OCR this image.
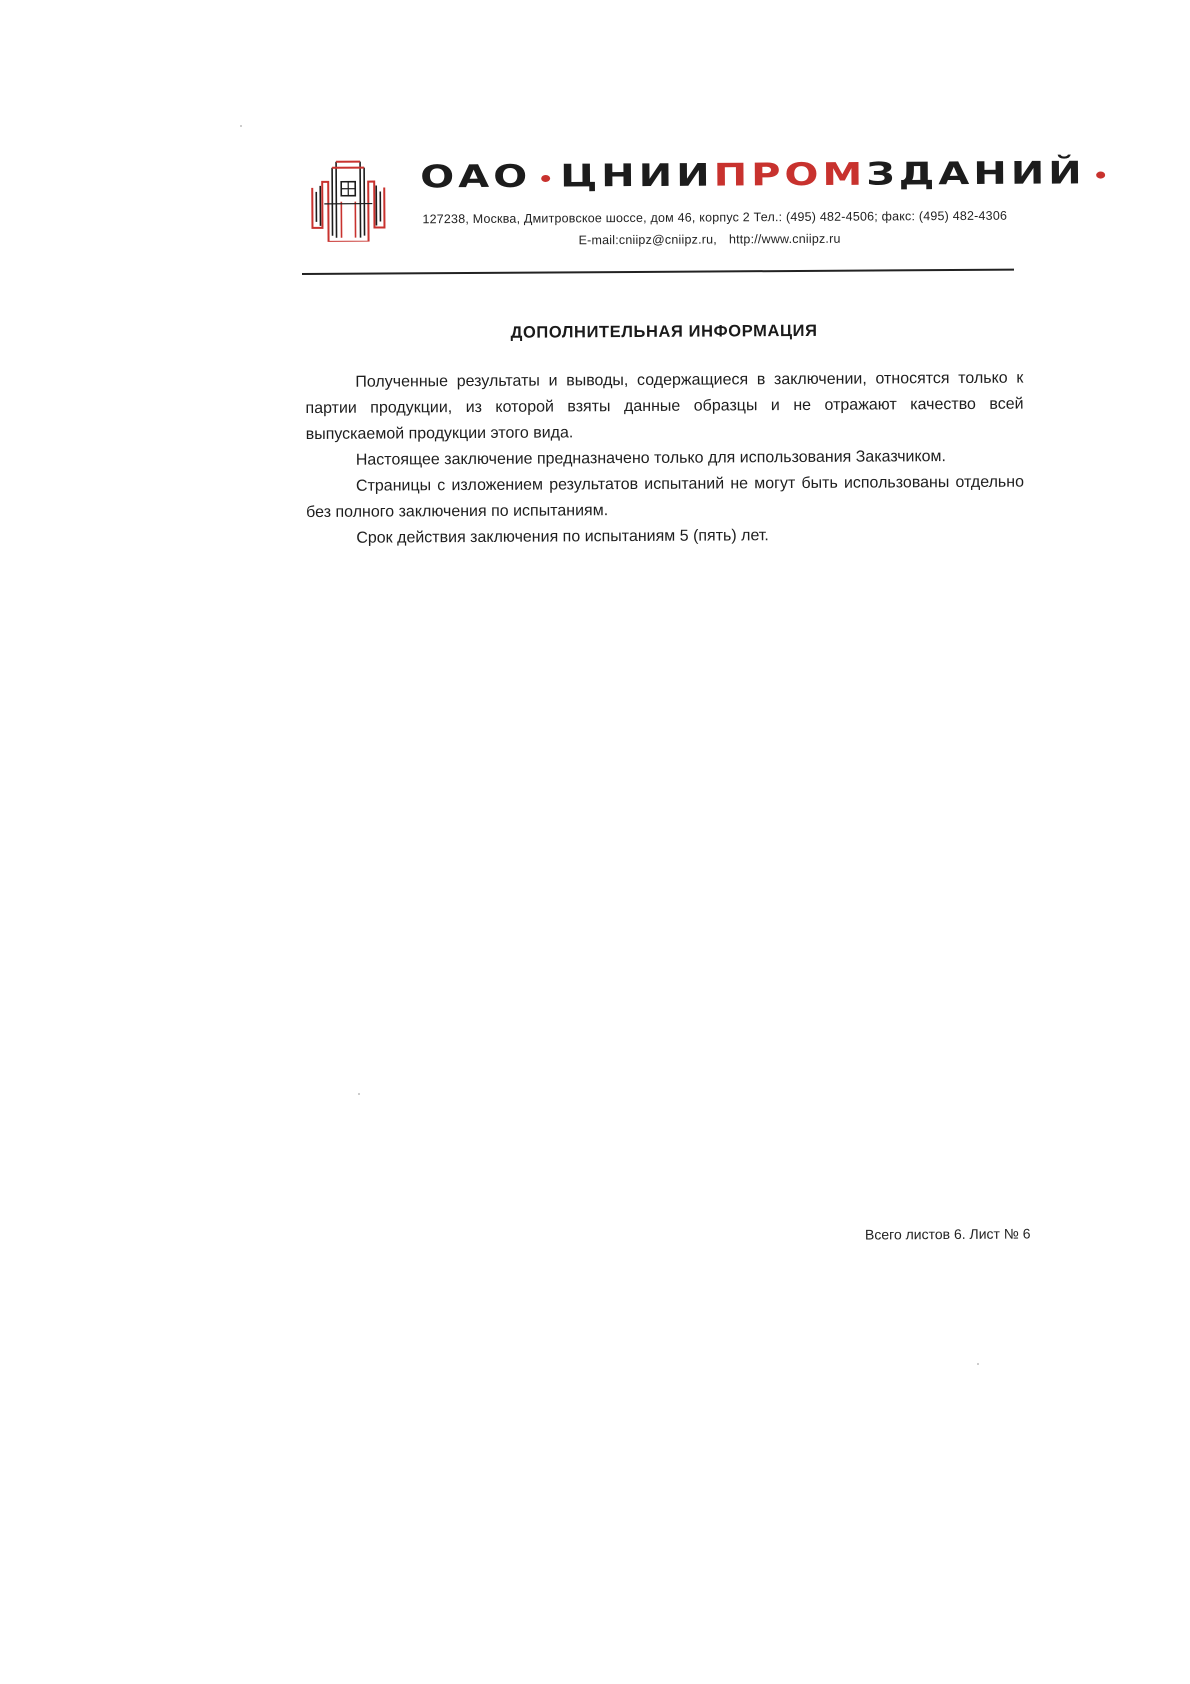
ОАО ЦНИИ ПРОМ ЗДАНИЙ
127238, Москва, Дмитровское шоссе, дом 46, корпус 2 Тел.: (495) 482-4506; факс: (495) 482-4306
E-mail:cniipz@cniipz.ru, http://www.cniipz.ru
ДОПОЛНИТЕЛЬНАЯ ИНФОРМАЦИЯ

Полученные результаты и выводы, содержащиеся в заключении, относятся только к партии продукции, из которой взяты данные образцы и не отражают качество всей выпускаемой продукции этого вида.

Настоящее заключение предназначено только для использования Заказчиком.

Страницы с изложением результатов испытаний не могут быть использованы отдельно без полного заключения по испытаниям.

Срок действия заключения по испытаниям 5 (пять) лет.

Всего листов 6. Лист № 6
